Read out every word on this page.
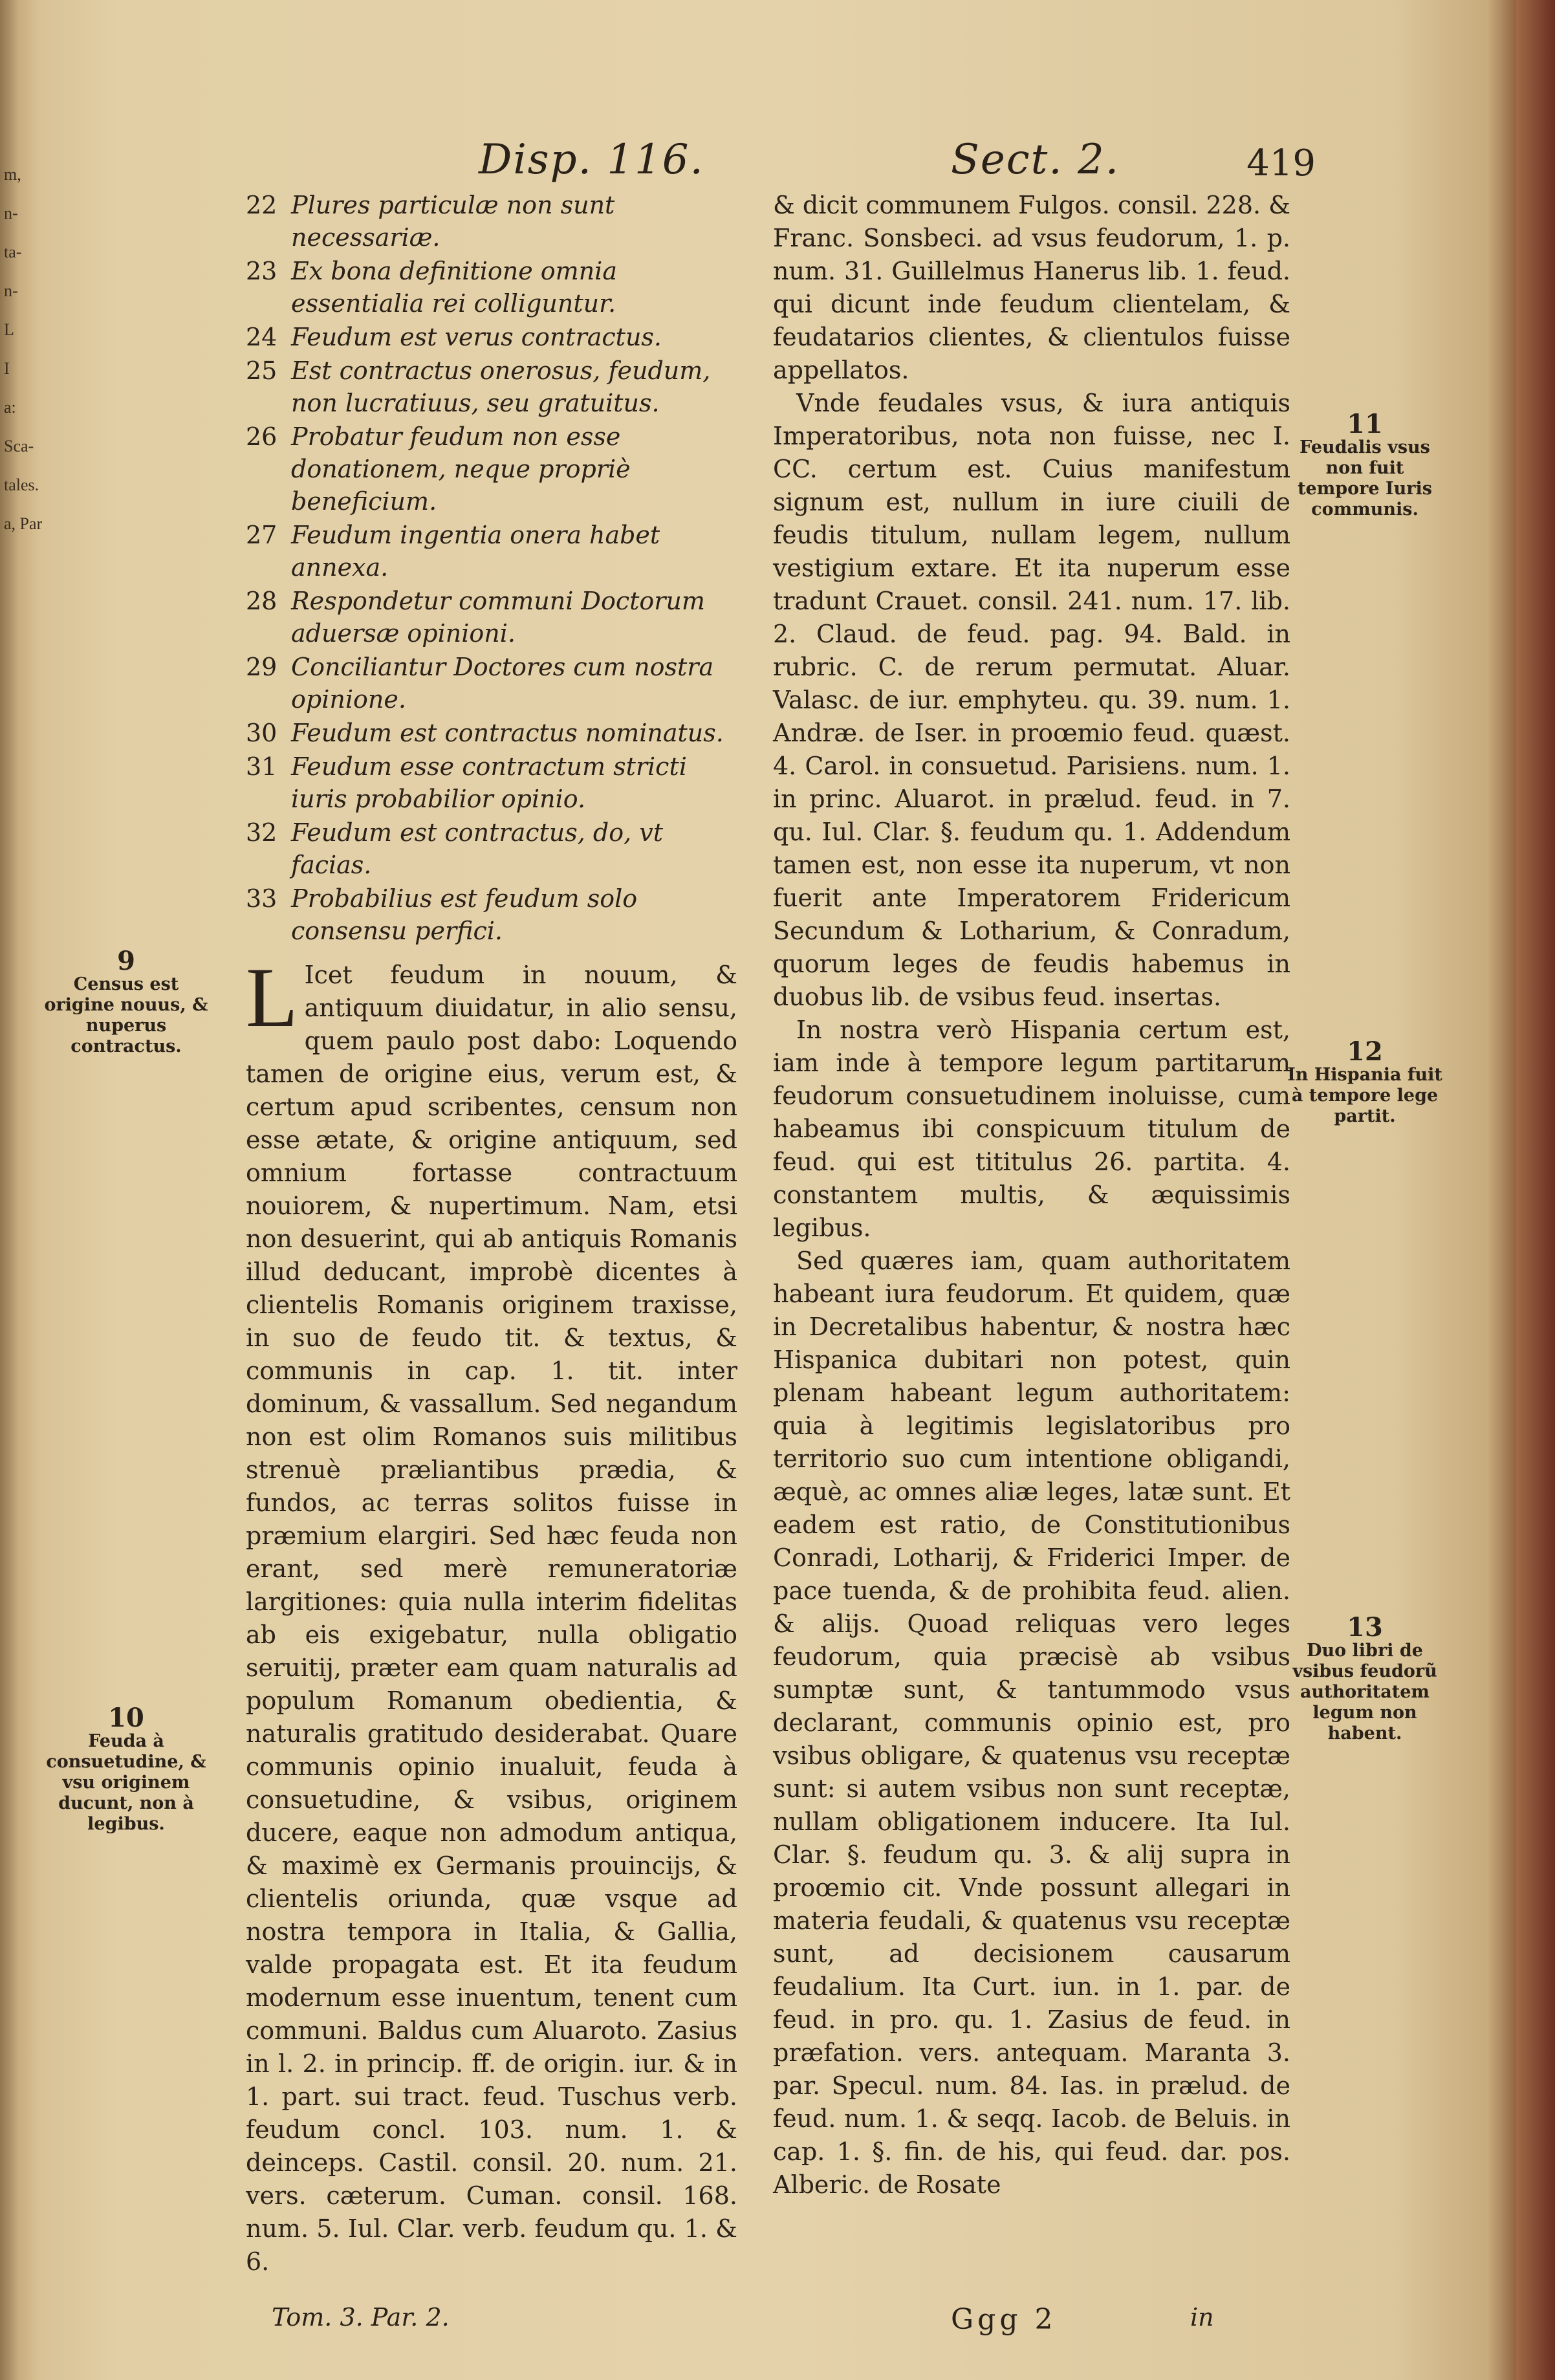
m,
n-
ta-
n-
L
I
a: Sca-
tales.
a, Par
Disp. 116.	Sect. 2.	419
22 Plures particulæ non sunt necessariæ.
23 Ex bona definitione omnia essentialia rei colliguntur.
24 Feudum est verus contractus.
25 Est contractus onerosus, feudum, non lucratiuus, seu gratuitus.
26 Probatur feudum non esse donationem, neque propriè beneficium.
27 Feudum ingentia onera habet annexa.
28 Respondetur communi Doctorum aduersæ opinioni.
29 Conciliantur Doctores cum nostra opinione.
30 Feudum est contractus nominatus.
31 Feudum esse contractum stricti iuris probabilior opinio.
32 Feudum est contractus, do, vt facias.
33 Probabilius est feudum solo consensu perfici.

L Icet feudum in nouum, & antiquum diuidatur, in alio sensu, quem paulo post dabo: Loquendo tamen de origine eius, verum est, & certum apud scribentes, censum non esse ætate, & origine antiquum, sed omnium fortasse contractuum nouiorem, & nupertimum. Nam, etsi non desuerint, qui ab antiquis Romanis illud deducant, improbè dicentes à clientelis Romanis originem traxisse, in suo de feudo tit. & textus, & communis in cap. 1. tit. inter dominum, & vassallum. Sed negandum non est olim Romanos suis militibus strenuè præliantibus prædia, & fundos, ac terras solitos fuisse in præmium elargiri. Sed hæc feuda non erant, sed merè remuneratoriæ largitiones: quia nulla interim fidelitas ab eis exigebatur, nulla obligatio seruitij, præter eam quam naturalis ad populum Romanum obedientia, & naturalis gratitudo desiderabat. Quare communis opinio inualuit, feuda à consuetudine, & vsibus, originem ducere, eaque non admodum antiqua, & maximè ex Germanis prouincijs, & clientelis oriunda, quæ vsque ad nostra tempora in Italia, & Gallia, valde propagata est. Et ita feudum modernum esse inuentum, tenent cum communi. Baldus cum Aluaroto. Zasius in l. 2. in princip. ff. de origin. iur. & in 1. part. sui tract. feud. Tuschus verb. feudum concl. 103. num. 1. & deinceps. Castil. consil. 20. num. 21. vers. cæterum. Cuman. consil. 168. num. 5. Iul. Clar. verb. feudum qu. 1. & 6.

& dicit communem Fulgos. consil. 228. & Franc. Sonsbeci. ad vsus feudorum, 1. p. num. 31. Guillelmus Hanerus lib. 1. feud. qui dicunt inde feudum clientelam, & feudatarios clientes, & clientulos fuisse appellatos.

Vnde feudales vsus, & iura antiquis Imperatoribus, nota non fuisse, nec I. CC. certum est. Cuius manifestum signum est, nullum in iure ciuili de feudis titulum, nullam legem, nullum vestigium extare. Et ita nuperum esse tradunt Crauet. consil. 241. num. 17. lib. 2. Claud. de feud. pag. 94. Bald. in rubric. C. de rerum permutat. Aluar. Valasc. de iur. emphyteu. qu. 39. num. 1. Andræ. de Iser. in proœmio feud. quæst. 4. Carol. in consuetud. Parisiens. num. 1. in princ. Aluarot. in prælud. feud. in 7. qu. Iul. Clar. §. feudum qu. 1. Addendum tamen est, non esse ita nuperum, vt non fuerit ante Imperatorem Fridericum Secundum & Lotharium, & Conradum, quorum leges de feudis habemus in duobus lib. de vsibus feud. insertas.

In nostra verò Hispania certum est, iam inde à tempore legum partitarum feudorum consuetudinem inoluisse, cum habeamus ibi conspicuum titulum de feud. qui est tititulus 26. partita. 4. constantem multis, & æquissimis legibus.

Sed quæres iam, quam authoritatem habeant iura feudorum. Et quidem, quæ in Decretalibus habentur, & nostra hæc Hispanica dubitari non potest, quin plenam habeant legum authoritatem: quia à legitimis legislatoribus pro territorio suo cum intentione obligandi, æquè, ac omnes aliæ leges, latæ sunt. Et eadem est ratio, de Constitutionibus Conradi, Lotharij, & Friderici Imper. de pace tuenda, & de prohibita feud. alien. & alijs. Quoad reliquas vero leges feudorum, quia præcisè ab vsibus sumptæ sunt, & tantummodo vsus declarant, communis opinio est, pro vsibus obligare, & quatenus vsu receptæ sunt: si autem vsibus non sunt receptæ, nullam obligationem inducere. Ita Iul. Clar. §. feudum qu. 3. & alij supra in proœmio cit. Vnde possunt allegari in materia feudali, & quatenus vsu receptæ sunt, ad decisionem causarum feudalium. Ita Curt. iun. in 1. par. de feud. in pro. qu. 1. Zasius de feud. in præfation. vers. antequam. Maranta 3. par. Specul. num. 84. Ias. in prælud. de feud. num. 1. & seqq. Iacob. de Beluis. in cap. 1. §. fin. de his, qui feud. dar. pos. Alberic. de Rosate

9
Census est origine nouus, & nuperus contractus.
10
Feuda à consuetudine, & vsu originem ducunt, non à legibus.
11
Feudalis vsus non fuit tempore Iuris communis.
12
In Hispania fuit à tempore lege partit.
13
Duo libri de vsibus feudorũ authoritatem legum non habent.
Tom. 3. Par. 2.	Ggg 2	in
